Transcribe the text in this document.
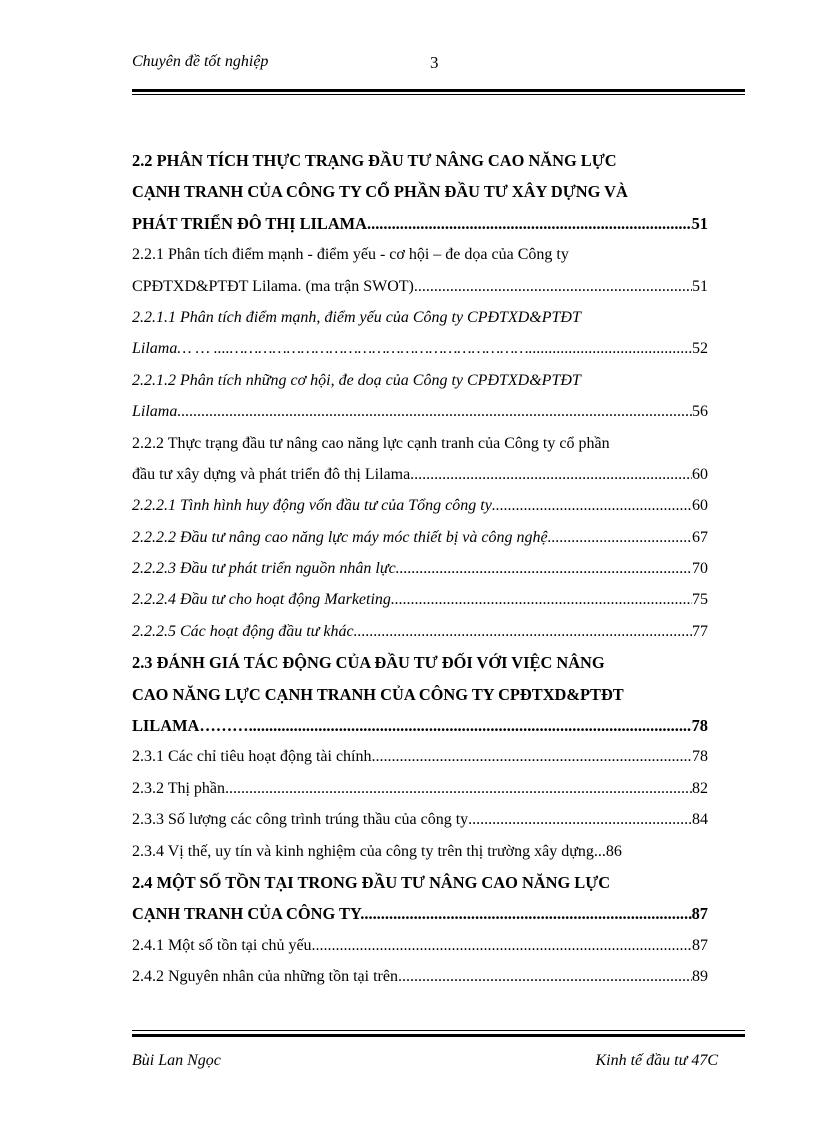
Chuyên đề tốt nghiệp	3
2.2 PHÂN TÍCH THỰC TRẠNG ĐẦU TƯ NÂNG CAO NĂNG LỰC
CẠNH TRANH CỦA CÔNG TY CỔ PHẦN ĐẦU TƯ XÂY DỰNG VÀ
PHÁT TRIỂN ĐÔ THỊ LILAMA. .....	51
2.2.1 Phân tích điểm mạnh - điểm yếu - cơ hội – đe dọa của Công ty
CPĐTXD&PTĐT Lilama. (ma trận SWOT) .....	51
2.2.1.1 Phân tích điểm mạnh, điểm yếu của Công ty CPĐTXD&PTĐT
Lilama… … ....……………………………………………………… .....	52
2.2.1.2 Phân tích những cơ hội, đe doạ của Công ty CPĐTXD&PTĐT
Lilama...... .....	56
2.2.2 Thực trạng đầu tư nâng cao năng lực cạnh tranh của Công ty cổ phần
đầu tư xây dựng và phát triển đô thị Lilama. .....	60
2.2.2.1 Tình hình huy động vốn đầu tư của Tổng công ty .....	60
2.2.2.2 Đầu tư nâng cao năng lực máy móc thiết bị và công nghệ .....	67
2.2.2.3 Đầu tư phát triển nguồn nhân lực .....	70
2.2.2.4 Đầu tư cho hoạt động Marketing .....	75
2.2.2.5 Các hoạt động đầu tư khác. .....	77
2.3 ĐÁNH GIÁ TÁC ĐỘNG CỦA ĐẦU TƯ ĐỐI VỚI VIỆC NÂNG
CAO NĂNG LỰC CẠNH TRANH CỦA CÔNG TY CPĐTXD&PTĐT
LILAMA……… .....	78
2.3.1 Các chỉ tiêu hoạt động tài chính .....	78
2.3.2 Thị phần .....	82
2.3.3 Số lượng các công trình trúng thầu của công ty .....	84
2.3.4 Vị thế, uy tín và kinh nghiệm của công ty trên thị trường xây dựng... 86
2.4 MỘT SỐ TỒN TẠI TRONG ĐẦU TƯ NÂNG CAO NĂNG LỰC
CẠNH TRANH CỦA CÔNG TY. .....	87
2.4.1 Một số tồn tại chủ yếu .....	87
2.4.2 Nguyên nhân của những tồn tại trên. .....	89
Bùi Lan Ngọc	Kinh tế đầu tư 47C
